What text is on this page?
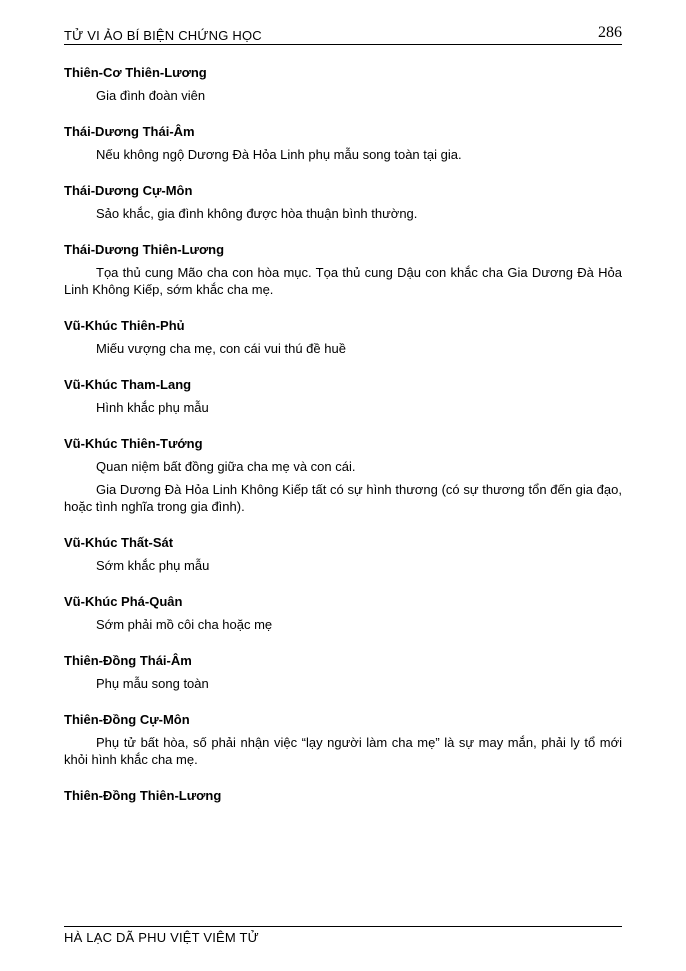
TỬ VI ẢO BÍ BIỆN CHỨNG HỌC	286
Thiên-Cơ Thiên-Lương

Gia đình đoàn viên

Thái-Dương Thái-Âm

Nếu không ngộ Dương Đà Hỏa Linh phụ mẫu song toàn tại gia.

Thái-Dương Cự-Môn

Sảo khắc, gia đình không được hòa thuận bình thường.

Thái-Dương Thiên-Lương

Tọa thủ cung Mão cha con hòa mục. Tọa thủ cung Dậu con khắc cha Gia Dương Đà Hỏa Linh Không Kiếp, sớm khắc cha mẹ.

Vũ-Khúc Thiên-Phủ

Miếu vượng cha mẹ, con cái vui thú đề huề

Vũ-Khúc Tham-Lang

Hình khắc phụ mẫu

Vũ-Khúc Thiên-Tướng

Quan niệm bất đồng giữa cha mẹ và con cái.

Gia Dương Đà Hỏa Linh Không Kiếp tất có sự hình thương (có sự thương tổn đến gia đạo, hoặc tình nghĩa trong gia đình).

Vũ-Khúc Thất-Sát

Sớm khắc phụ mẫu

Vũ-Khúc Phá-Quân

Sớm phải mồ côi cha hoặc mẹ

Thiên-Đồng Thái-Âm

Phụ mẫu song toàn

Thiên-Đồng Cự-Môn

Phụ tử bất hòa, số phải nhận việc “lạy người làm cha mẹ” là sự may mắn, phải ly tổ mới khỏi hình khắc cha mẹ.

Thiên-Đồng Thiên-Lương
HÀ LẠC DÃ PHU VIỆT VIÊM TỬ
